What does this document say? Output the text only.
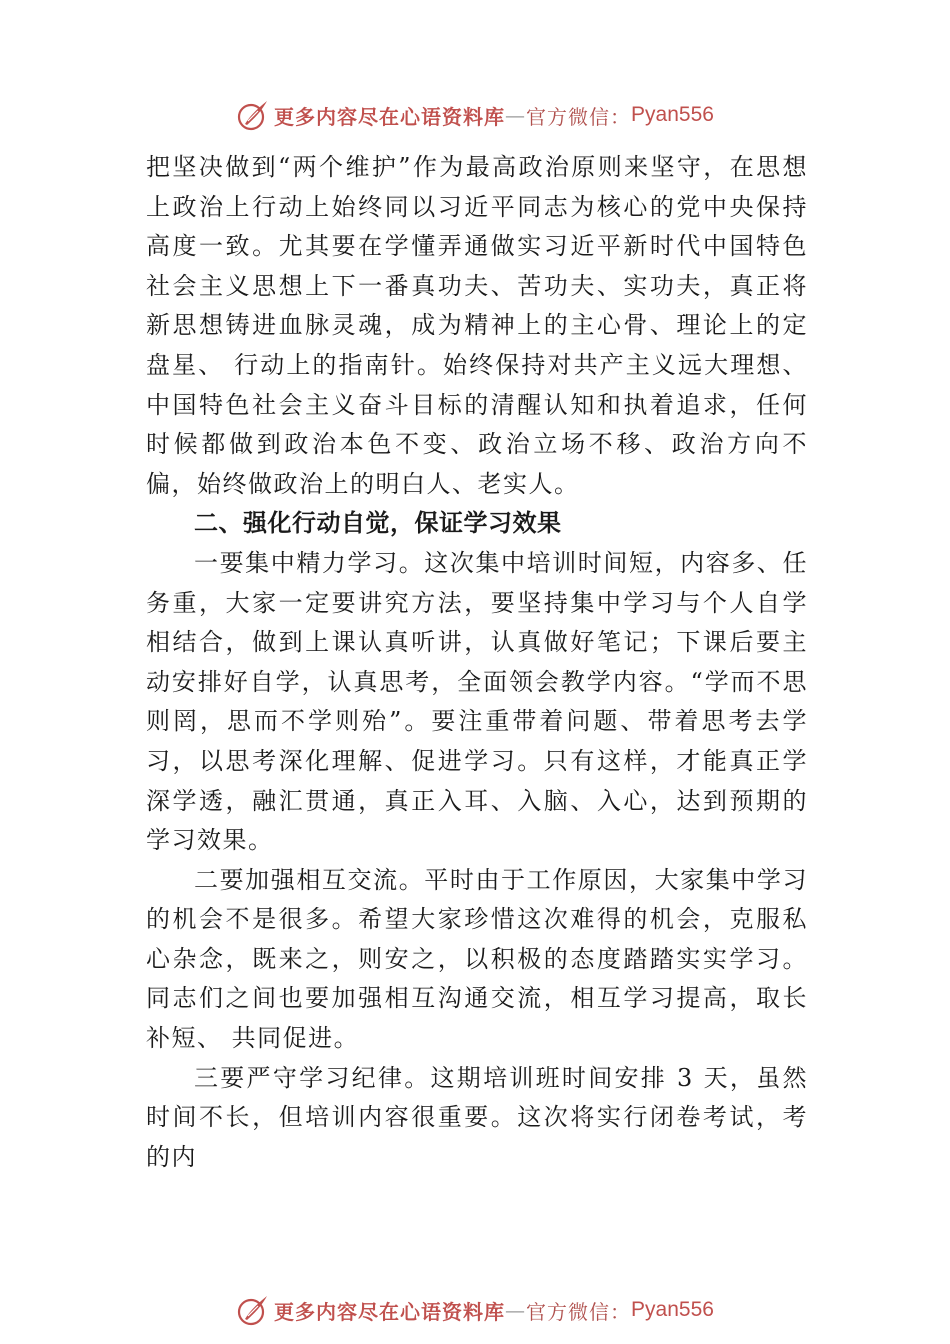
更多内容尽在心语资料库 — 官方微信： Pyan556

把坚决做到“两个维护”作为最高政治原则来坚守，在思想上政治上行动上始终同以习近平同志为核心的党中央保持高度一致。尤其要在学懂弄通做实习近平新时代中国特色社会主义思想上下一番真功夫、苦功夫、实功夫，真正将新思想铸进血脉灵魂，成为精神上的主心骨、理论上的定盘星、 行动上的指南针。始终保持对共产主义远大理想、中国特色社会主义奋斗目标的清醒认知和执着追求，任何时候都做到政治本色不变、政治立场不移、政治方向不偏，始终做政治上的明白人、老实人。

二、强化行动自觉，保证学习效果

一要集中精力学习。这次集中培训时间短，内容多、任务重，大家一定要讲究方法，要坚持集中学习与个人自学相结合，做到上课认真听讲，认真做好笔记；下课后要主动安排好自学，认真思考，全面领会教学内容。“学而不思则罔，思而不学则殆”。要注重带着问题、带着思考去学习，以思考深化理解、促进学习。只有这样，才能真正学深学透，融汇贯通，真正入耳、入脑、入心，达到预期的学习效果。

二要加强相互交流。平时由于工作原因，大家集中学习的机会不是很多。希望大家珍惜这次难得的机会，克服私心杂念，既来之，则安之，以积极的态度踏踏实实学习。同志们之间也要加强相互沟通交流，相互学习提高，取长补短、 共同促进。

三要严守学习纪律。这期培训班时间安排 3 天，虽然时间不长，但培训内容很重要。这次将实行闭卷考试，考的内

更多内容尽在心语资料库 — 官方微信： Pyan556
